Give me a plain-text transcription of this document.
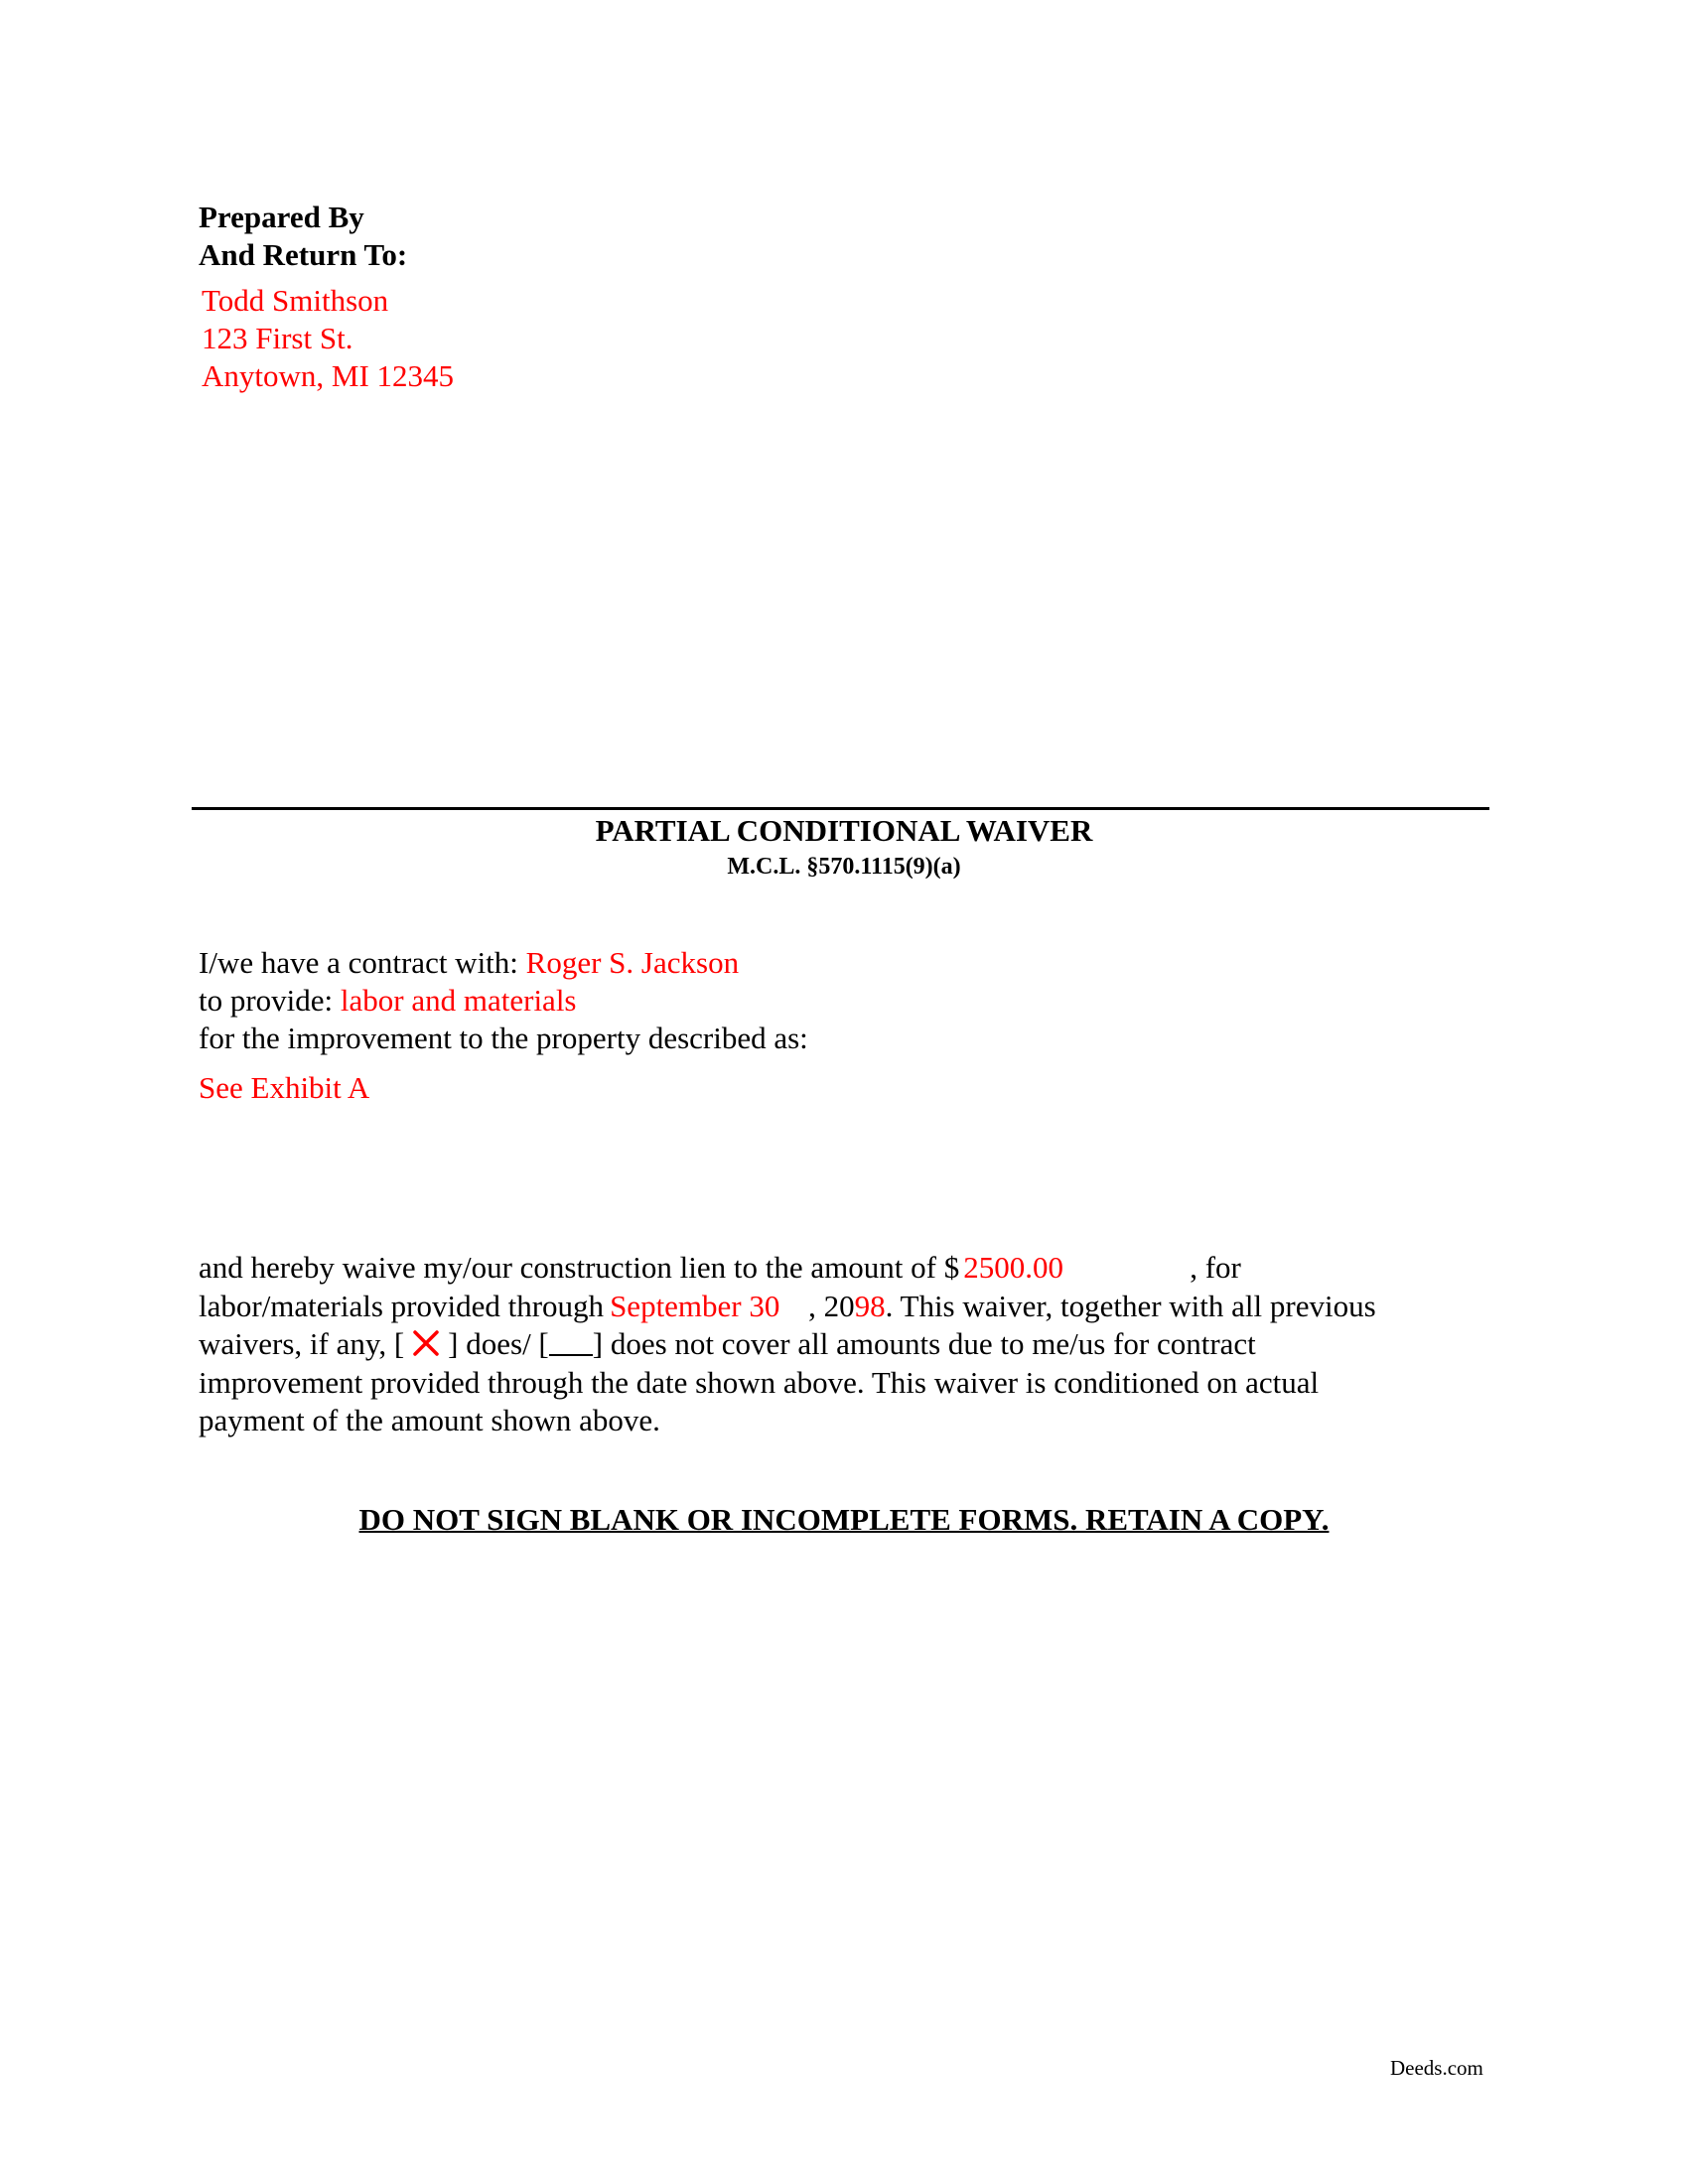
Prepared By
And Return To:
Todd Smithson
123 First St.
Anytown, MI 12345
PARTIAL CONDITIONAL WAIVER
M.C.L. §570.1115(9)(a)
I/we have a contract with: Roger S. Jackson
to provide: labor and materials
for the improvement to the property described as:
See Exhibit A
and hereby waive my/our construction lien to the amount of $ 2500.00	, for
labor/materials provided through September 30 , 2098. This waiver, together with all previous
waivers, if any, [ ] does/ [ ] does not cover all amounts due to me/us for contract
improvement provided through the date shown above. This waiver is conditioned on actual
payment of the amount shown above.
DO NOT SIGN BLANK OR INCOMPLETE FORMS. RETAIN A COPY.
Deeds.com
